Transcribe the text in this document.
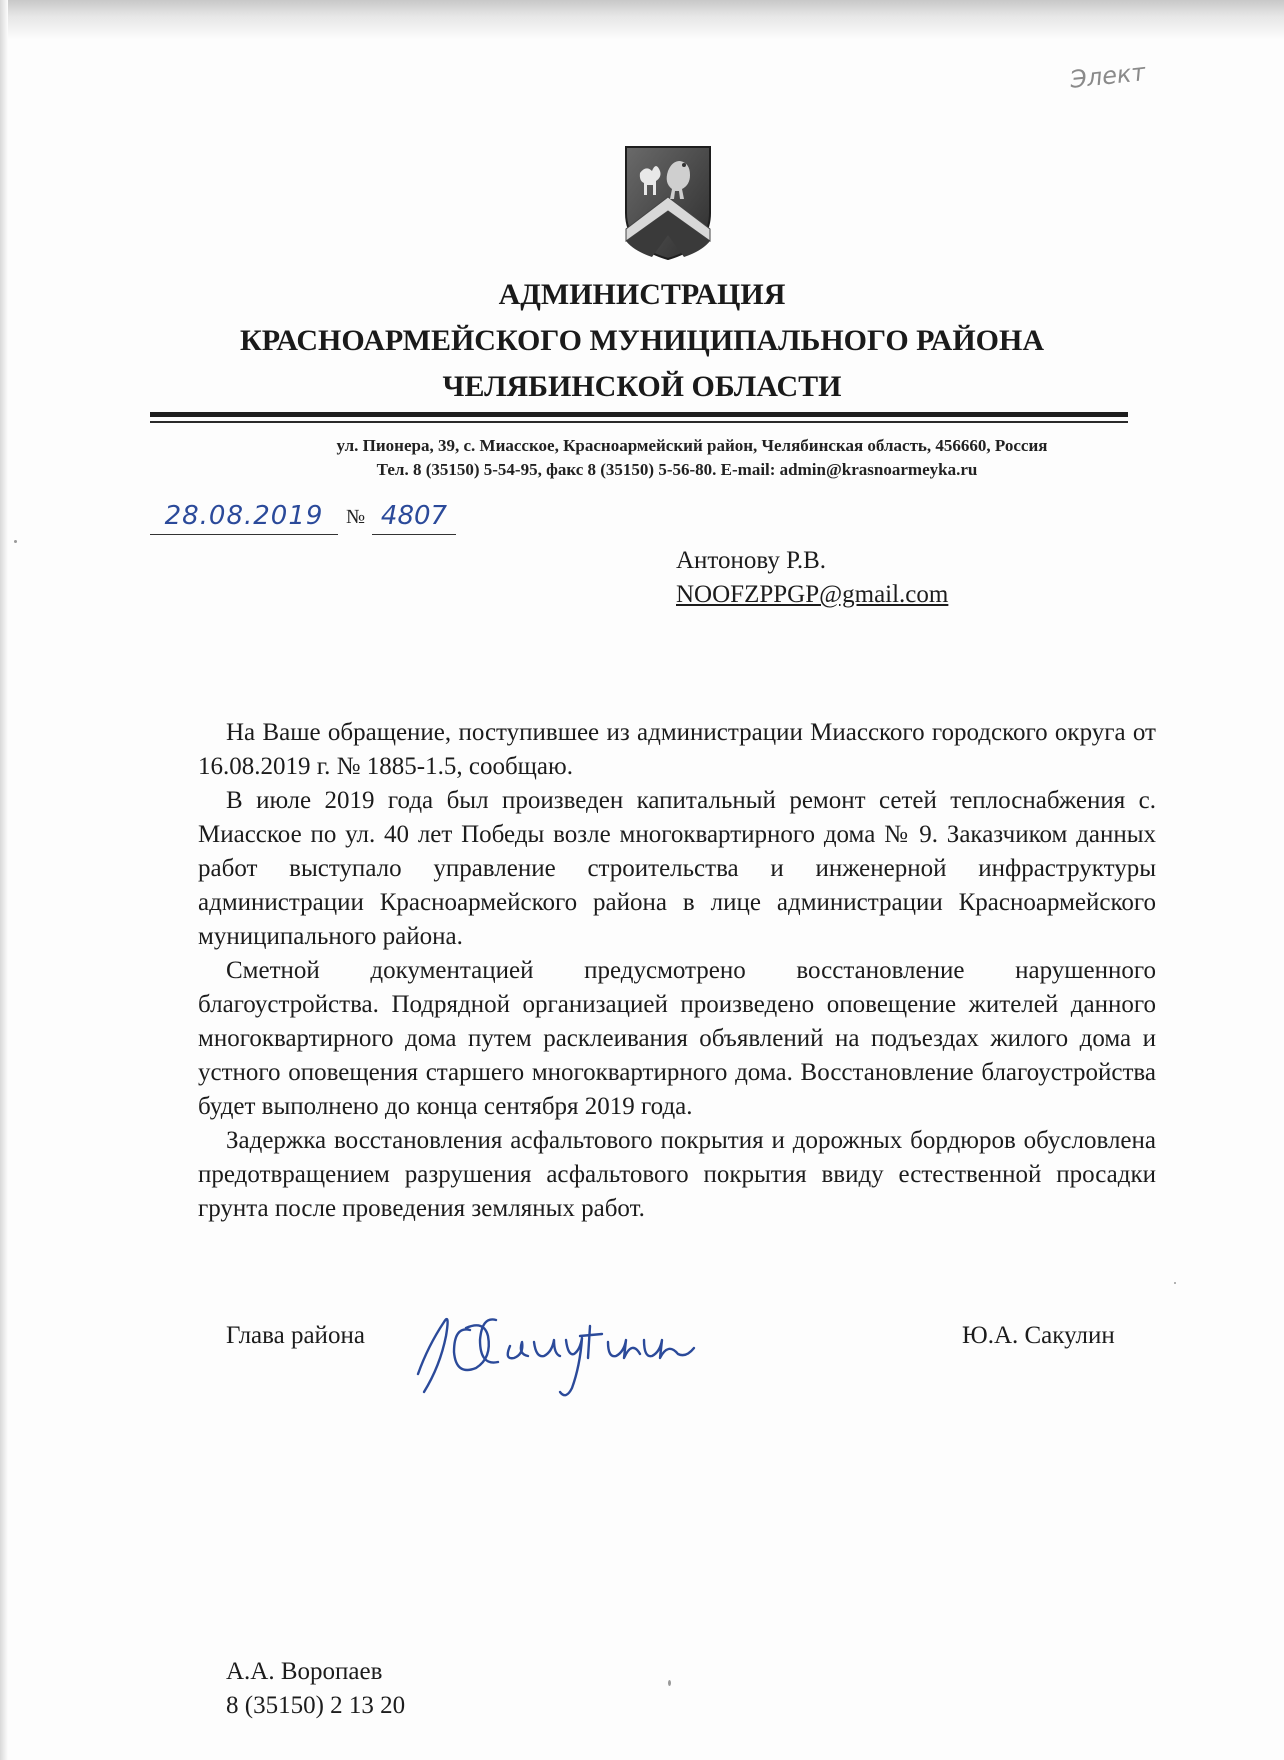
Элект
АДМИНИСТРАЦИЯ
КРАСНОАРМЕЙСКОГО МУНИЦИПАЛЬНОГО РАЙОНА
ЧЕЛЯБИНСКОЙ ОБЛАСТИ
ул. Пионера, 39, с. Миасское, Красноармейский район, Челябинская область, 456660, Россия
Тел. 8 (35150) 5-54-95, факс 8 (35150) 5-56-80. E-mail: admin@krasnoarmeyka.ru
28.08.2019	№ 4807
Антонову Р.В.
NOOFZPPGP@gmail.com

На Ваше обращение, поступившее из администрации Миасского городского округа от 16.08.2019 г. № 1885-1.5, сообщаю.

В июле 2019 года был произведен капитальный ремонт сетей теплоснабжения с. Миасское по ул. 40 лет Победы возле многоквартирного дома № 9. Заказчиком данных работ выступало управление строительства и инженерной инфраструктуры администрации Красноармейского района в лице администрации Красноармейского муниципального района.

Сметной документацией предусмотрено восстановление нарушенного благоустройства. Подрядной организацией произведено оповещение жителей данного многоквартирного дома путем расклеивания объявлений на подъездах жилого дома и устного оповещения старшего многоквартирного дома. Восстановление благоустройства будет выполнено до конца сентября 2019 года.

Задержка восстановления асфальтового покрытия и дорожных бордюров обусловлена предотвращением разрушения асфальтового покрытия ввиду естественной просадки грунта после проведения земляных работ.

Глава района	Ю.А. Сакулин
А.А. Воропаев
8 (35150) 2 13 20
